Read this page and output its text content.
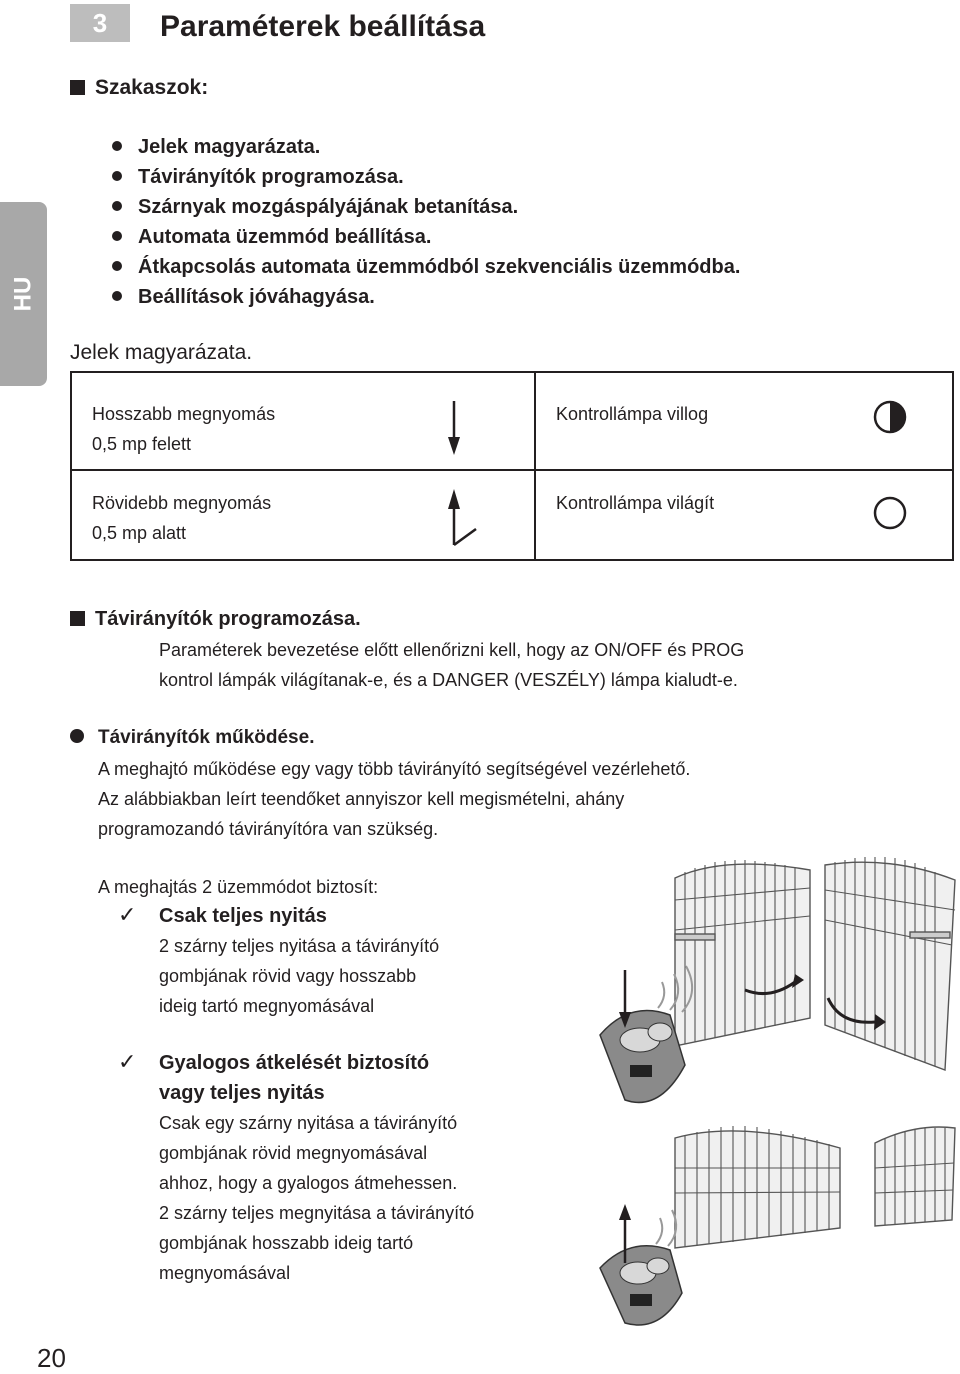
3	Paraméterek beállítása
HU
Szakaszok:
Jelek magyarázata.
Távirányítók programozása.
Szárnyak mozgáspályájának betanítása.
Automata üzemmód beállítása.
Átkapcsolás automata üzemmódból szekvenciális üzemmódba.
Beállítások jóváhagyása.
Jelek magyarázata.
Hosszabb megnyomás
0,5 mp felett
Rövidebb megnyomás
0,5 mp alatt
Kontrollámpa villog
Kontrollámpa világít
Távirányítók programozása.
Paraméterek bevezetése előtt ellenőrizni kell, hogy az ON/OFF és PROG
kontrol lámpák világítanak-e, és a DANGER (VESZÉLY) lámpa kialudt-e.
Távirányítók működése.
A meghajtó működése egy vagy több távirányító segítségével vezérlehető.
Az alábbiakban leírt teendőket annyiszor kell megismételni, ahány
programozandó távirányítóra van szükség.
A meghajtás 2 üzemmódot biztosít:
✓ Csak teljes nyitás
2 szárny teljes nyitása a távirányító
gombjának rövid vagy hosszabb
ideig tartó megnyomásával
✓ Gyalogos átkelését biztosító
vagy teljes nyitás
Csak egy szárny nyitása a távirányító
gombjának rövid megnyomásával
ahhoz, hogy a gyalogos átmehessen.
2 szárny teljes megnyitása a távirányító
gombjának hosszabb ideig tartó
megnyomásával
20
